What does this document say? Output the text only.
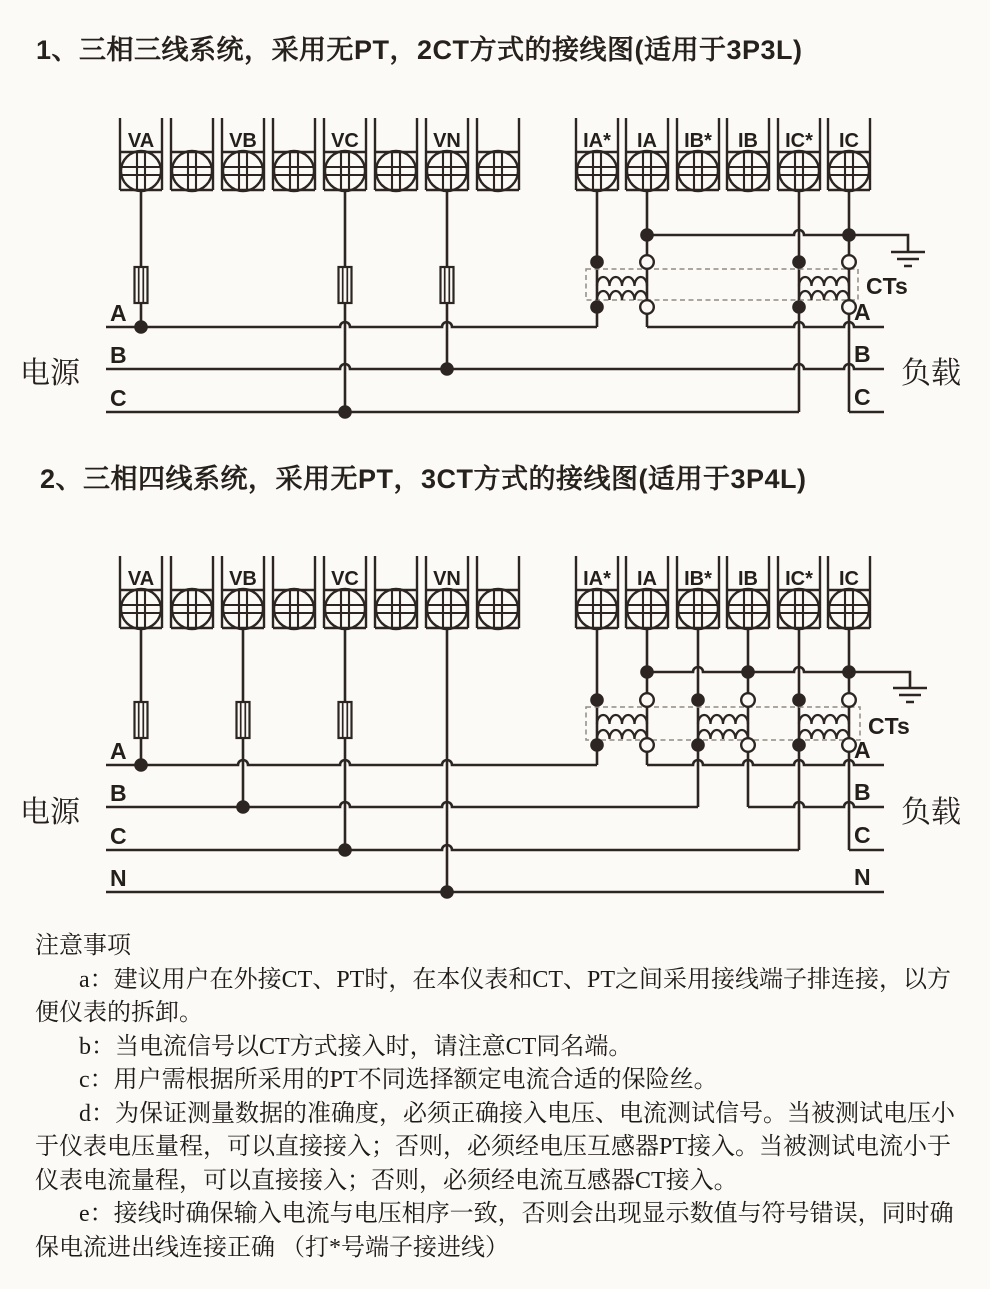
1、三相三线系统，采用无PT，2CT方式的接线图(适用于3P3L)
2、三相四线系统，采用无PT，3CT方式的接线图(适用于3P4L)
VA	VB	VC	VN	IA* IA IB* IB IC* IC
A
B
C
A
B
C
CTs
电源	负载
VA	VB	VC	VN	IA* IA IB* IB IC* IC
A
B
C
N
A
B
C
N
CTs
电源	负载

注意事项

a：建议用户在外接CT、PT时，在本仪表和CT、PT之间采用接线端子排连接，以方便仪表的拆卸。

b：当电流信号以CT方式接入时，请注意CT同名端。

c：用户需根据所采用的PT不同选择额定电流合适的保险丝。

d：为保证测量数据的准确度，必须正确接入电压、电流测试信号。当被测试电压小于仪表电压量程，可以直接接入；否则，必须经电压互感器PT接入。当被测试电流小于仪表电流量程，可以直接接入；否则，必须经电流互感器CT接入。

e：接线时确保输入电流与电压相序一致，否则会出现显示数值与符号错误，同时确保电流进出线连接正确 （打*号端子接进线）
